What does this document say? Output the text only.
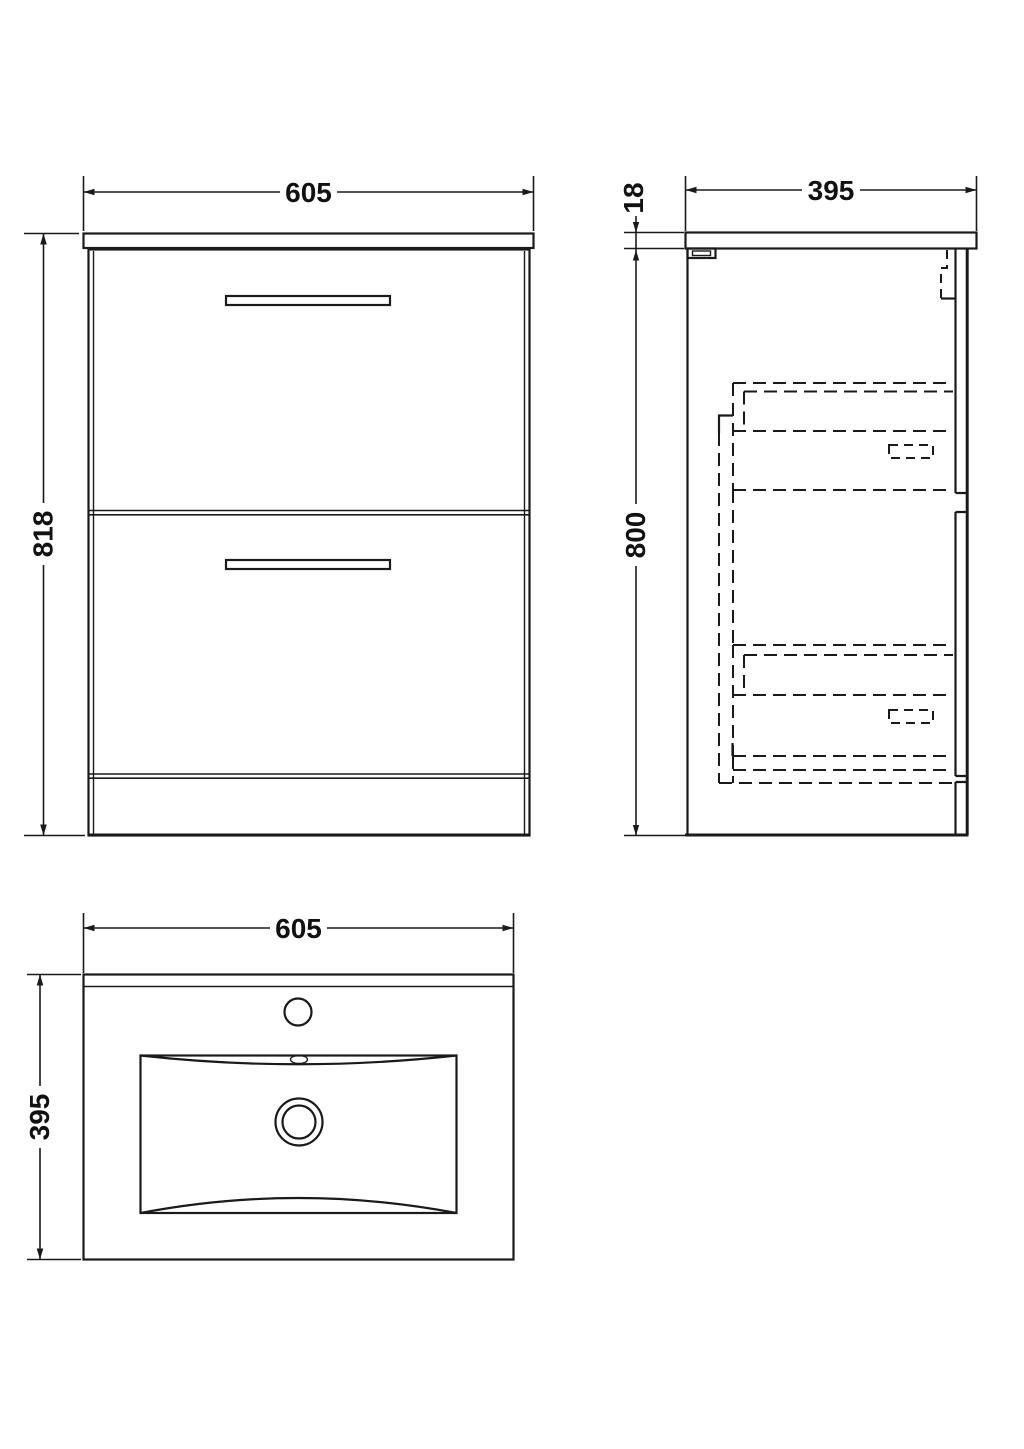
605
818
395
18
800
605
395
